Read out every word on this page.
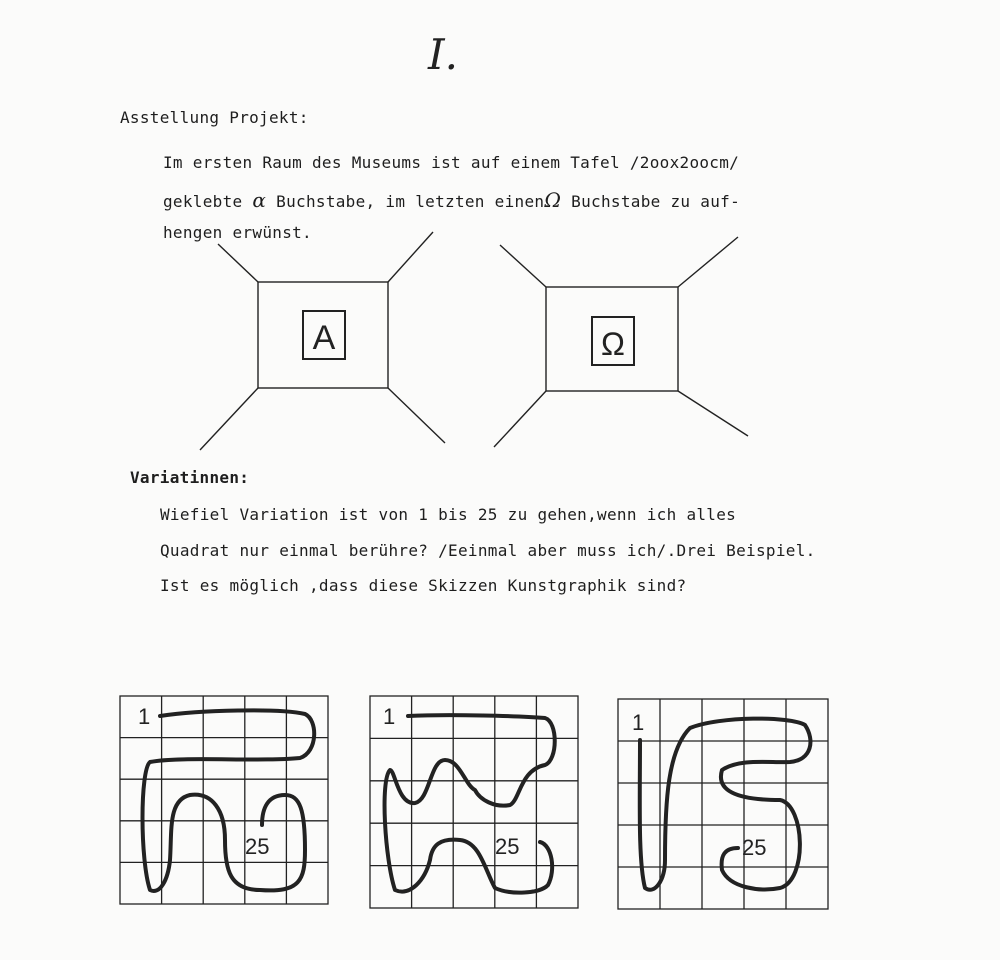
I.
Asstellung Projekt:
Im ersten Raum des Museums ist auf einem Tafel /2oox2oocm/
geklebte α Buchstabe, im letzten einenΩ Buchstabe zu auf-
hengen erwünst.
Variatinnen:
Wiefiel Variation ist von 1 bis 25 zu gehen,wenn ich alles
Quadrat nur einmal berühre? /Eeinmal aber muss ich/.Drei Beispiel.
Ist es möglich ,dass diese Skizzen Kunstgraphik sind?
A	Ω
1
25
1
25
1
25
